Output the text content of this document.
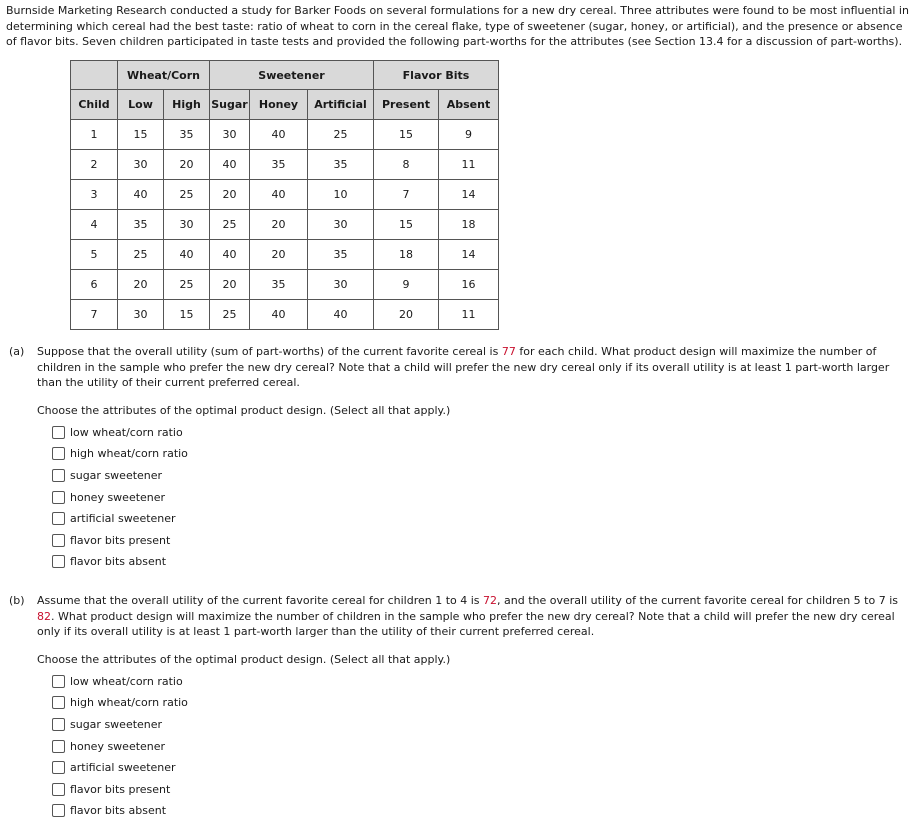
Burnside Marketing Research conducted a study for Barker Foods on several formulations for a new dry cereal. Three attributes were found to be most influential in determining which cereal had the best taste: ratio of wheat to corn in the cereal flake, type of sweetener (sugar, honey, or artificial), and the presence or absence of flavor bits. Seven children participated in taste tests and provided the following part-worths for the attributes (see Section 13.4 for a discussion of part-worths).

	Wheat/Corn		Sweetener			Flavor Bits	
Child	Low	High	Sugar	Honey	Artificial	Present	Absent
1	15	35	30	40	25	15	9
2	30	20	40	35	35	8	11
3	40	25	20	40	10	7	14
4	35	30	25	20	30	15	18
5	25	40	40	20	35	18	14
6	20	25	20	35	30	9	16
7	30	15	25	40	40	20	11
(a)	Suppose that the overall utility (sum of part-worths) of the current favorite cereal is 77 for each child. What product design will maximize the number of children in the sample who prefer the new dry cereal? Note that a child will prefer the new dry cereal only if its overall utility is at least 1 part-worth larger than the utility of their current preferred cereal.
Choose the attributes of the optimal product design. (Select all that apply.)
low wheat/corn ratio
high wheat/corn ratio
sugar sweetener
honey sweetener
artificial sweetener
flavor bits present
flavor bits absent
(b)	Assume that the overall utility of the current favorite cereal for children 1 to 4 is 72, and the overall utility of the current favorite cereal for children 5 to 7 is 82. What product design will maximize the number of children in the sample who prefer the new dry cereal? Note that a child will prefer the new dry cereal only if its overall utility is at least 1 part-worth larger than the utility of their current preferred cereal.
Choose the attributes of the optimal product design. (Select all that apply.)
low wheat/corn ratio
high wheat/corn ratio
sugar sweetener
honey sweetener
artificial sweetener
flavor bits present
flavor bits absent
